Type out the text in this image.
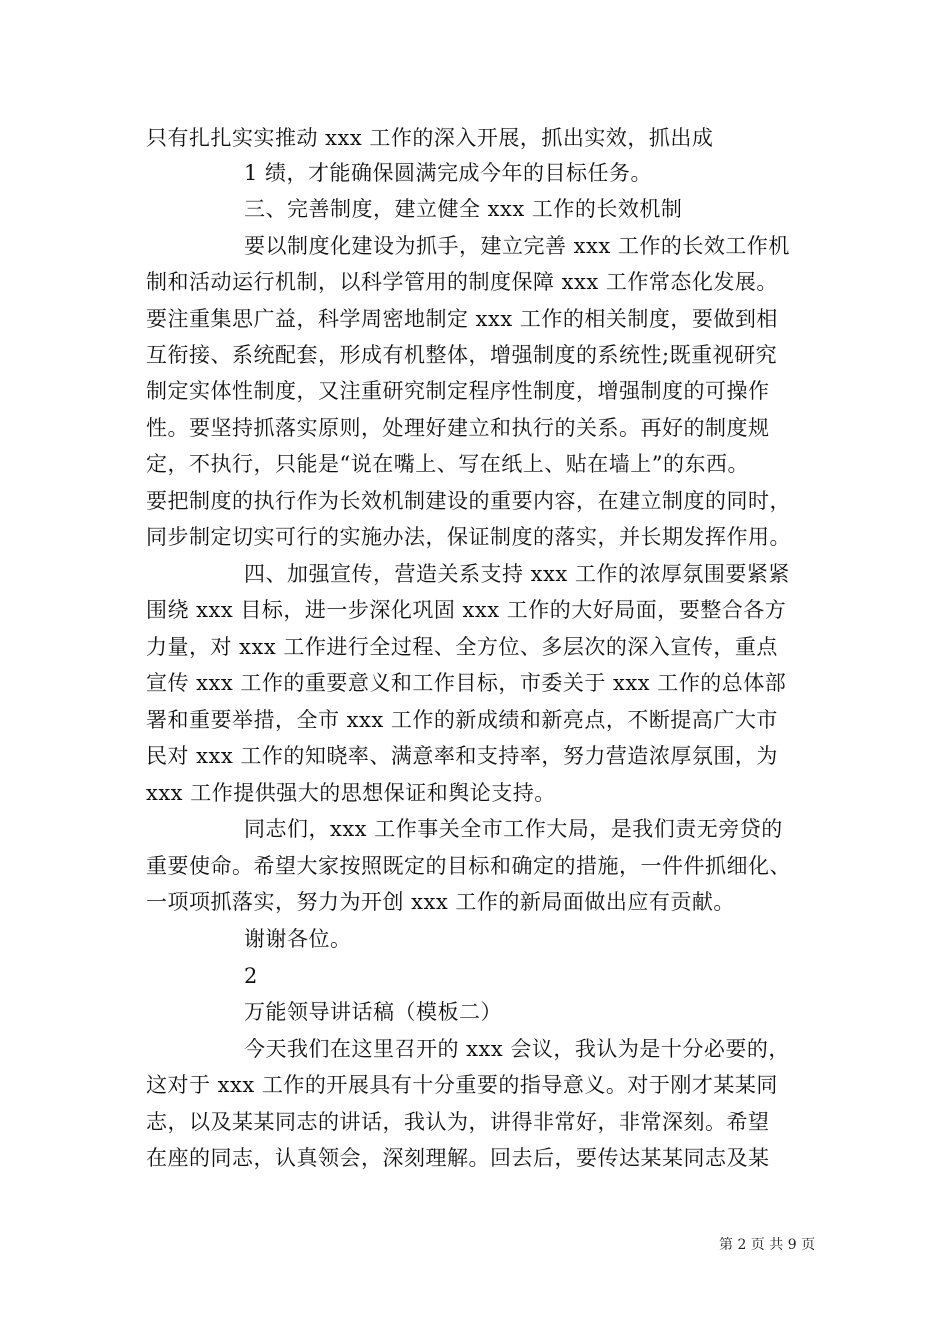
只有扎扎实实推动 xxx 工作的深入开展，抓出实效，抓出成
1 绩，才能确保圆满完成今年的目标任务。
三、完善制度，建立健全 xxx 工作的长效机制
要以制度化建设为抓手，建立完善 xxx 工作的长效工作机
制和活动运行机制，以科学管用的制度保障 xxx 工作常态化发展。
要注重集思广益，科学周密地制定 xxx 工作的相关制度，要做到相
互衔接、系统配套，形成有机整体，增强制度的系统性;既重视研究
制定实体性制度，又注重研究制定程序性制度，增强制度的可操作
性。要坚持抓落实原则，处理好建立和执行的关系。再好的制度规
定，不执行，只能是“说在嘴上、写在纸上、贴在墙上”的东西。
要把制度的执行作为长效机制建设的重要内容，在建立制度的同时，
同步制定切实可行的实施办法，保证制度的落实，并长期发挥作用。
四、加强宣传，营造关系支持 xxx 工作的浓厚氛围要紧紧
围绕 xxx 目标，进一步深化巩固 xxx 工作的大好局面，要整合各方
力量，对 xxx 工作进行全过程、全方位、多层次的深入宣传，重点
宣传 xxx 工作的重要意义和工作目标，市委关于 xxx 工作的总体部
署和重要举措，全市 xxx 工作的新成绩和新亮点，不断提高广大市
民对 xxx 工作的知晓率、满意率和支持率，努力营造浓厚氛围，为
xxx 工作提供强大的思想保证和舆论支持。
同志们，xxx 工作事关全市工作大局，是我们责无旁贷的
重要使命。希望大家按照既定的目标和确定的措施，一件件抓细化、
一项项抓落实，努力为开创 xxx 工作的新局面做出应有贡献。
谢谢各位。
2
万能领导讲话稿（模板二）
今天我们在这里召开的 xxx 会议，我认为是十分必要的，
这对于 xxx 工作的开展具有十分重要的指导意义。对于刚才某某同
志，以及某某同志的讲话，我认为，讲得非常好，非常深刻。希望
在座的同志，认真领会，深刻理解。回去后，要传达某某同志及某
第 2 页 共 9 页
